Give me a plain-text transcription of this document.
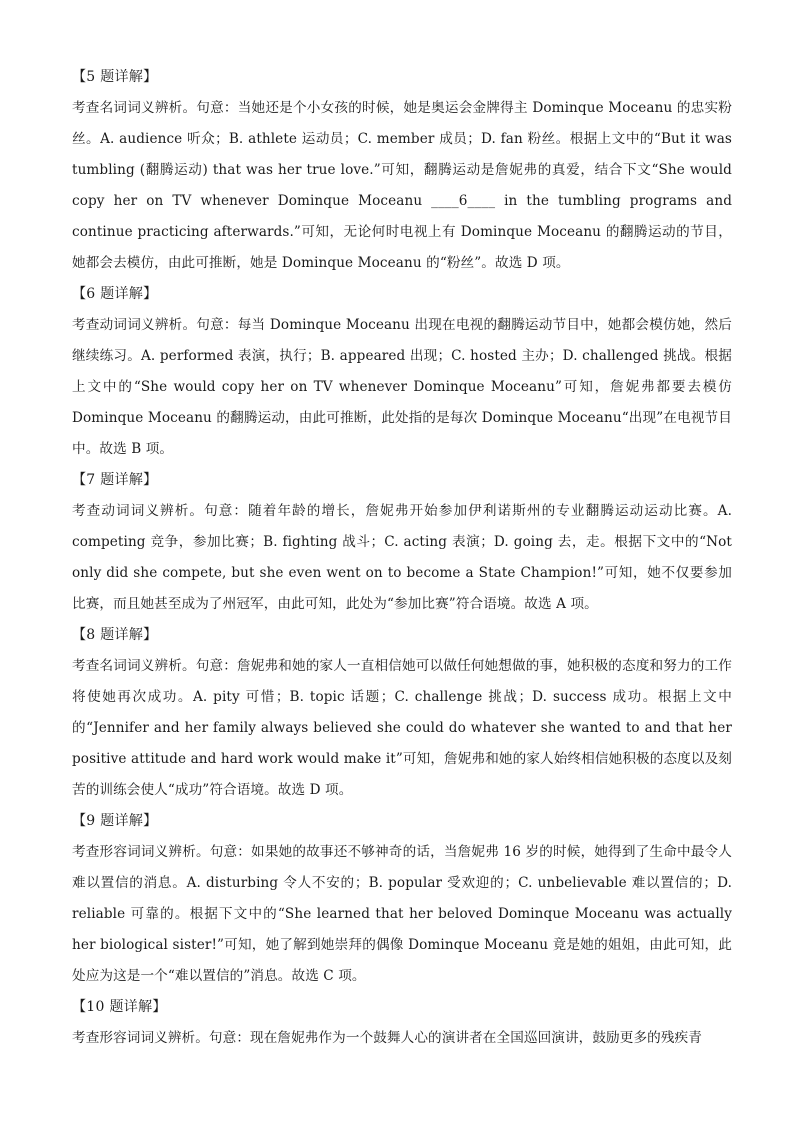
【5 题详解】

考查名词词义辨析。句意：当她还是个小女孩的时候，她是奥运会金牌得主 Dominque Moceanu 的忠实粉丝。A. audience 听众；B. athlete 运动员；C. member 成员；D. fan 粉丝。根据上文中的“But it was tumbling (翻腾运动) that was her true love.”可知，翻腾运动是詹妮弗的真爱，结合下文“She would copy her on TV whenever Dominque Moceanu ____6____ in the tumbling programs and continue practicing afterwards.”可知，无论何时电视上有 Dominque Moceanu 的翻腾运动的节目，她都会去模仿，由此可推断，她是 Dominque Moceanu 的“粉丝”。故选 D 项。

【6 题详解】

考查动词词义辨析。句意：每当 Dominque Moceanu 出现在电视的翻腾运动节目中，她都会模仿她，然后继续练习。A. performed 表演，执行；B. appeared 出现；C. hosted 主办；D. challenged 挑战。根据上文中的“She would copy her on TV whenever Dominque Moceanu”可知，詹妮弗都要去模仿 Dominque Moceanu 的翻腾运动，由此可推断，此处指的是每次 Dominque Moceanu“出现”在电视节目中。故选 B 项。

【7 题详解】

考查动词词义辨析。句意：随着年龄的增长，詹妮弗开始参加伊利诺斯州的专业翻腾运动运动比赛。A. competing 竞争，参加比赛；B. fighting 战斗；C. acting 表演；D. going 去，走。根据下文中的“Not only did she compete, but she even went on to become a State Champion!”可知，她不仅要参加比赛，而且她甚至成为了州冠军，由此可知，此处为“参加比赛”符合语境。故选 A 项。

【8 题详解】

考查名词词义辨析。句意：詹妮弗和她的家人一直相信她可以做任何她想做的事，她积极的态度和努力的工作将使她再次成功。A. pity 可惜；B. topic 话题；C. challenge 挑战；D. success 成功。根据上文中的“Jennifer and her family always believed she could do whatever she wanted to and that her positive attitude and hard work would make it”可知，詹妮弗和她的家人始终相信她积极的态度以及刻苦的训练会使人“成功”符合语境。故选 D 项。

【9 题详解】

考查形容词词义辨析。句意：如果她的故事还不够神奇的话，当詹妮弗 16 岁的时候，她得到了生命中最令人难以置信的消息。A. disturbing 令人不安的；B. popular 受欢迎的；C. unbelievable 难以置信的；D. reliable 可靠的。根据下文中的“She learned that her beloved Dominque Moceanu was actually her biological sister!”可知，她了解到她崇拜的偶像 Dominque Moceanu 竟是她的姐姐，由此可知，此处应为这是一个“难以置信的”消息。故选 C 项。

【10 题详解】

考查形容词词义辨析。句意：现在詹妮弗作为一个鼓舞人心的演讲者在全国巡回演讲，鼓励更多的残疾青
